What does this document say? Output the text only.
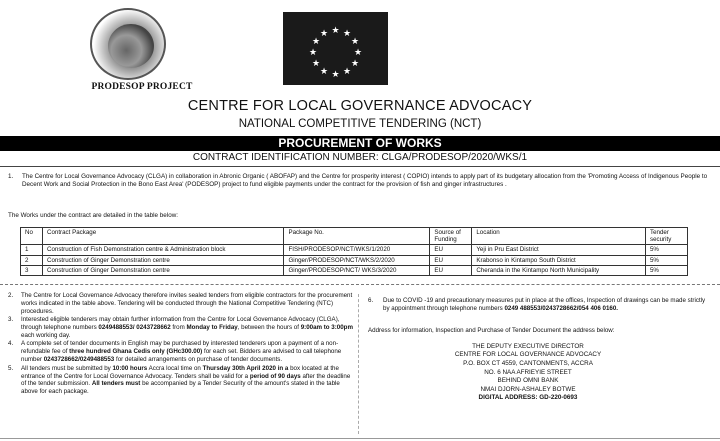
PRODESOP PROJECT
★ ★
★
★
★
★
★
★
★
★
★
★
CENTRE FOR LOCAL GOVERNANCE ADVOCACY
NATIONAL COMPETITIVE TENDERING (NCT)
PROCUREMENT OF WORKS
CONTRACT IDENTIFICATION NUMBER: CLGA/PRODESOP/2020/WKS/1
1.	The Centre for Local Governance Advocacy (CLGA) in collaboration in Abronic Organic ( ABOFAP) and the Centre for prosperity interest ( COPIO) intends to apply part of its budgetary allocation from the 'Promoting Access of Indigenous People to Decent Work and Social Protection in the Bono East Area' (PODESOP) project to fund eligible payments under the contract for the provision of fish and ginger infrastructures .
The Works under the contract are detailed in the table below:
No	Contract Package	Package No.	Source of Funding	Location	Tender security
1	Construction of Fish Demonstration centre & Administration block	FISH/PRODESOP/NCT/WKS/1/2020	EU	Yeji in Pru East District	5%
2	Construction of Ginger Demonstration centre	Ginger/PRODESOP/NCT/WKS/2/2020	EU	Krabonso in Kintampo South District	5%
3	Construction of Ginger Demonstration centre	Ginger/PRODESOP/NCT/ WKS/3/2020	EU	Cheranda in the Kintampo North Municipality	5%
2.	The Centre for Local Governance Advocacy therefore invites sealed tenders from eligible contractors for the procurement works indicated in the table above. Tendering will be conducted through the National Competitive Tendering (NTC) procedures.
3.	Interested eligible tenderers may obtain further information from the Centre for Local Governance Advocacy (CLGA), through telephone numbers 0249488553/ 0243728662 from Monday to Friday, between the hours of 9:00am to 3:00pm each working day.
4.	A complete set of tender documents in English may be purchased by interested tenderers upon a payment of a non-refundable fee of three hundred Ghana Cedis only (GHc300.00) for each set. Bidders are advised to call telephone number 0243728662/0249488553 for detailed arrangements on purchase of tender documents.
5.	All tenders must be submitted by 10:00 hours Accra local time on Thursday 30th April 2020 in a box located at the entrance of the Centre for Local Governance Advocacy. Tenders shall be valid for a period of 90 days after the deadline of the tender submission. All tenders must be accompanied by a Tender Security of the amount's stated in the table above for each package.
6.	Due to COVID -19 and precautionary measures put in place at the offices, Inspection of drawings can be made strictly by appointment through telephone numbers 0249 488553/0243728662/054 406 0160.
Address for information, Inspection and Purchase of Tender Document the address below:
THE DEPUTY EXECUTIVE DIRECTOR
CENTRE FOR LOCAL GOVERNANCE ADVOCACY
P.O. BOX CT 4559, CANTONMENTS, ACCRA
NO. 6 NAA AFRIEYIE STREET
BEHIND OMNI BANK
NMAI DJORN-ASHALEY BOTWE
DIGITAL ADDRESS: GD-220-0693
